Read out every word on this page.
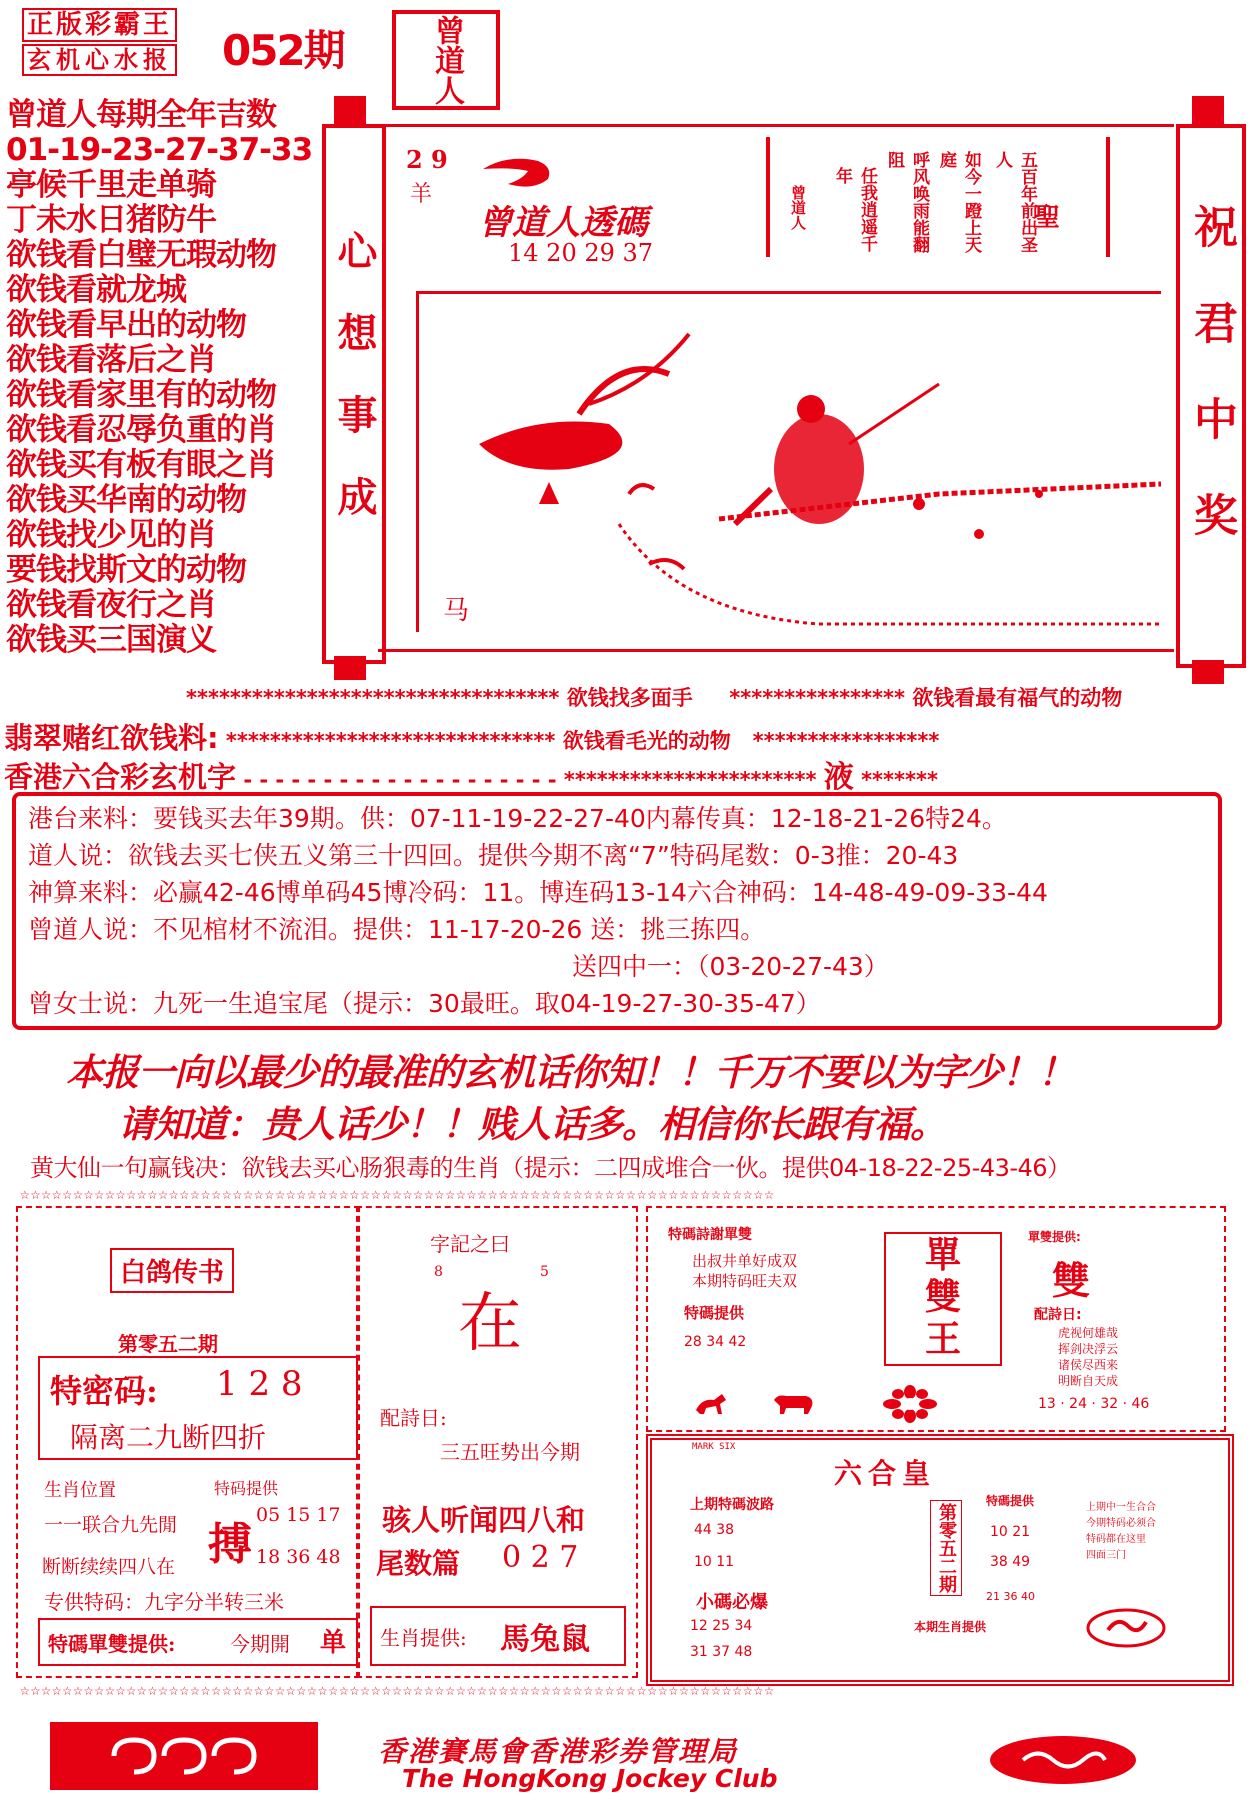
正版彩霸王 玄机心水报	052期	曾道人
曾道人每期全年吉数
01-19-23-27-37-33
亭候千里走单骑
丁未水日猪防牛
欲钱看白璧无瑕动物
欲钱看就龙城
欲钱看早出的动物
欲钱看落后之肖
欲钱看家里有的动物
欲钱看忍辱负重的肖
欲钱买有板有眼之肖
欲钱买华南的动物
欲钱找少见的肖
要钱找斯文的动物
欲钱看夜行之肖
欲钱买三国演义
心想事成
2 9
羊
曾道人透碼
14 20 29 37
曾道人	任我逍遥千年	呼风唤雨能翻阻	如今一蹬上天庭	五百年前出圣人
聖
马
祝君中奖
********************************** 欲钱找多面手     **************** 欲钱看最有福气的动物
翡翠赌红欲钱料: ****************************** 欲钱看毛光的动物   *****************
香港六合彩玄机字 - - - - - - - - - - - - - - - - - - - - *********************** 液 *******
港台来料：要钱买去年39期。供：07-11-19-22-27-40内幕传真：12-18-21-26特24。
道人说：欲钱去买七侠五义第三十四回。提供今期不离“7”特码尾数：0-3推：20-43
神算来料：必赢42-46博单码45博冷码：11。博连码13-14六合神码：14-48-49-09-33-44
曾道人说：不见棺材不流泪。提供：11-17-20-26 送：挑三拣四。
送四中一：（03-20-27-43）
曾女士说：九死一生追宝尾（提示：30最旺。取04-19-27-30-35-47）
本报一向以最少的最准的玄机话你知！！千万不要以为字少！！
请知道：贵人话少！！贱人话多。相信你长跟有福。
黄大仙一句赢钱决：欲钱去买心肠狠毒的生肖（提示：二四成堆合一伙。提供04-18-22-25-43-46）
☆☆☆☆☆☆☆☆☆☆☆☆☆☆☆☆☆☆☆☆☆☆☆☆☆☆☆☆☆☆☆☆☆☆☆☆☆☆☆☆☆☆☆☆☆☆☆☆☆☆☆☆☆☆☆☆☆☆☆☆☆☆☆☆☆☆☆☆☆☆☆
白鸽传书
第零五二期
特密码: 1 2 8
隔离二九断四折
生肖位置
一一联合九先閒
特码提供
搏
05 15 17
18 36 48
断断续续四八在
专供特码：九字分半转三米
特碼單雙提供:	今期開 单
字記之曰
8	5
在
配詩日:
三五旺势出今期
骇人听闻四八和
尾数篇 0 2 7
生肖提供: 馬兔鼠
特碼詩謝單雙
出叔井单好成双
本期特码旺夫双
特碼提供
28 34 42
單
雙
王
單雙提供:
雙
配詩日:
虎视何雄哉
挥剑决浮云
诸侯尽西来
明断自天成
13 · 24 · 32 · 46
MARK SIX
六合皇
上期特碼波路
44 38
10 11	第零五二期
特碼提供
10 21
38 49
上期中一生合合
今期特码必须合
特码都在这里
四面三门
小碼必爆	21 36 40
12 25 34
31 37 48
本期生肖提供
☆☆☆☆☆☆☆☆☆☆☆☆☆☆☆☆☆☆☆☆☆☆☆☆☆☆☆☆☆☆☆☆☆☆☆☆☆☆☆☆☆☆☆☆☆☆☆☆☆☆☆☆☆☆☆☆☆☆☆☆☆☆☆☆☆☆☆☆☆☆☆
香港賽馬會香港彩券管理局
The HongKong Jockey Club
